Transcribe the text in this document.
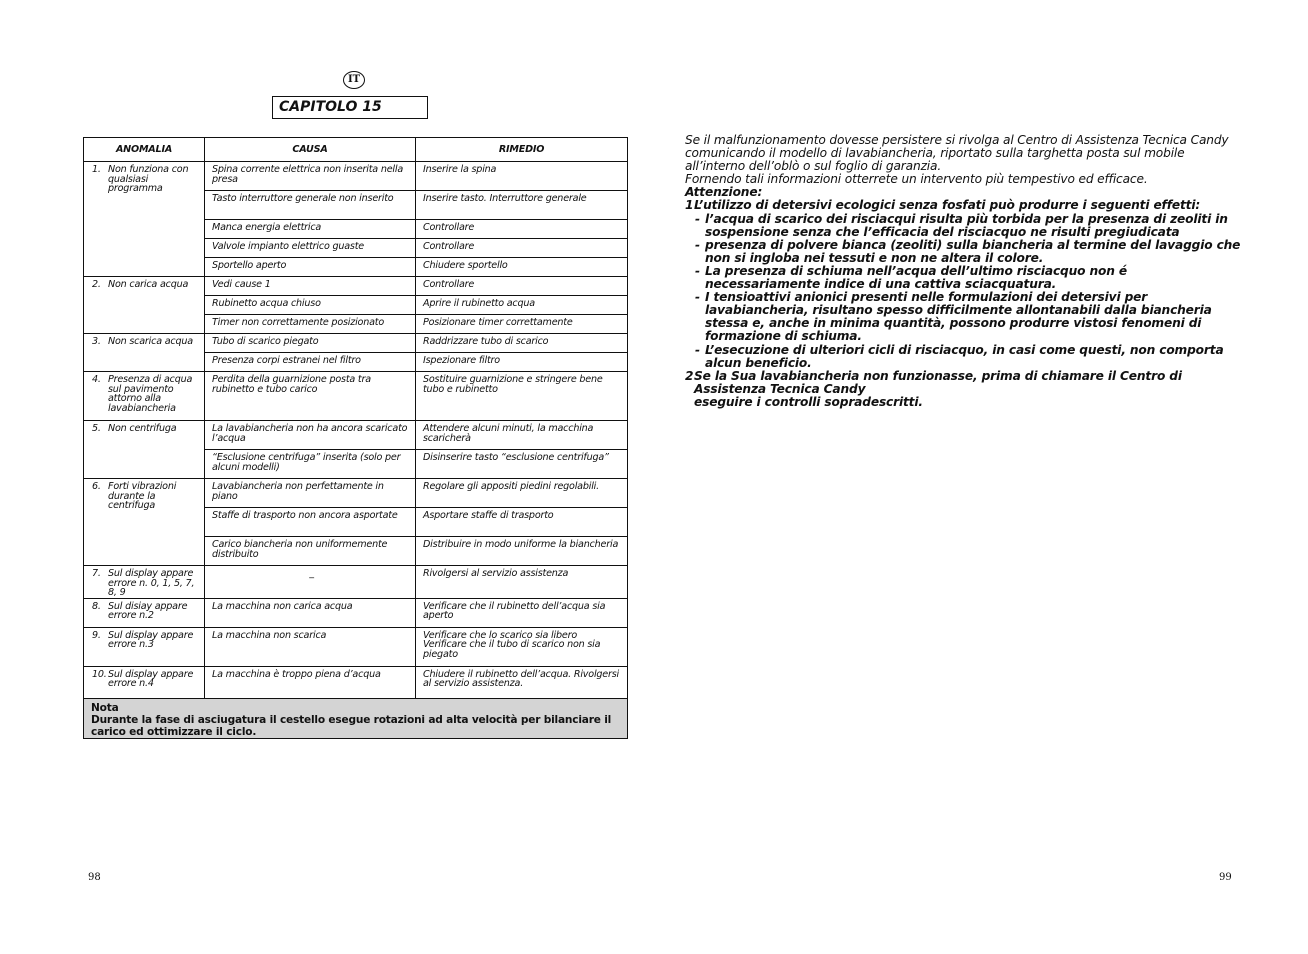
IT
CAPITOLO 15
ANOMALIA	CAUSA	RIMEDIO

1. Non funziona con qualsiasi programma	Spina corrente elettrica non inserita nella presa	Inserire la spina
	Tasto interruttore generale non inserito	Inserire tasto. Interruttore generale
	Manca energia elettrica	Controllare
	Valvole impianto elettrico guaste	Controllare
	Sportello aperto	Chiudere sportello

2. Non carica acqua	Vedi cause 1	Controllare
	Rubinetto acqua chiuso	Aprire il rubinetto acqua
	Timer non correttamente posizionato	Posizionare timer correttamente

3. Non scarica acqua	Tubo di scarico piegato	Raddrizzare tubo di scarico
	Presenza corpi estranei nel filtro	Ispezionare filtro

4. Presenza di acqua sul pavimento attorno alla lavabiancheria	Perdita della guarnizione posta tra rubinetto e tubo carico	Sostituire guarnizione e stringere bene tubo e rubinetto

5. Non centrifuga	La lavabiancheria non ha ancora scaricato l’acqua	Attendere alcuni minuti, la macchina scaricherà
	“Esclusione centrifuga” inserita (solo per alcuni modelli)	Disinserire tasto “esclusione centrifuga”

6. Forti vibrazioni durante la centrifuga	Lavabiancheria non perfettamente in piano	Regolare gli appositi piedini regolabili.
	Staffe di trasporto non ancora asportate	Asportare staffe di trasporto
	Carico biancheria non uniformemente distribuito	Distribuire in modo uniforme la biancheria

7. Sul display appare errore n. 0, 1, 5, 7, 8, 9	_	Rivolgersi al servizio assistenza

8. Sul disiay appare errore n.2	La macchina non carica acqua	Verificare che il rubinetto dell’acqua sia aperto

9. Sul display appare errore n.3	La macchina non scarica	Verificare che lo scarico sia libero Verificare che il tubo di scarico non sia piegato

10. Sul display appare errore n.4	La macchina è troppo piena d’acqua	Chiudere il rubinetto dell’acqua. Rivolgersi al servizio assistenza.

Nota
Durante la fase di asciugatura il cestello esegue rotazioni ad alta velocità per bilanciare il carico ed ottimizzare il ciclo.		
98	99
Se il malfunzionamento dovesse persistere si rivolga al Centro di Assistenza Tecnica Candy comunicando il modello di lavabiancheria, riportato sulla targhetta posta sul mobile all’interno dell’oblò o sul foglio di garanzia.
Fornendo tali informazioni otterrete un intervento più tempestivo ed efficace.
Attenzione:
1 L’utilizzo di detersivi ecologici senza fosfati può produrre i seguenti effetti:
- l’acqua di scarico dei risciacqui risulta più torbida per la presenza di zeoliti in sospensione senza che l’efficacia del risciacquo ne risulti pregiudicata
- presenza di polvere bianca (zeoliti) sulla biancheria al termine del lavaggio che non si ingloba nei tessuti e non ne altera il colore.
- La presenza di schiuma nell’acqua dell’ultimo risciacquo non é necessariamente indice di una cattiva sciacquatura.
- I tensioattivi anionici presenti nelle formulazioni dei detersivi per lavabiancheria, risultano spesso difficilmente allontanabili dalla biancheria stessa e, anche in minima quantità, possono produrre vistosi fenomeni di formazione di schiuma.
- L’esecuzione di ulteriori cicli di risciacquo, in casi come questi, non comporta alcun beneficio.
2 Se la Sua lavabiancheria non funzionasse, prima di chiamare il Centro di Assistenza Tecnica Candy
eseguire i controlli sopradescritti.
